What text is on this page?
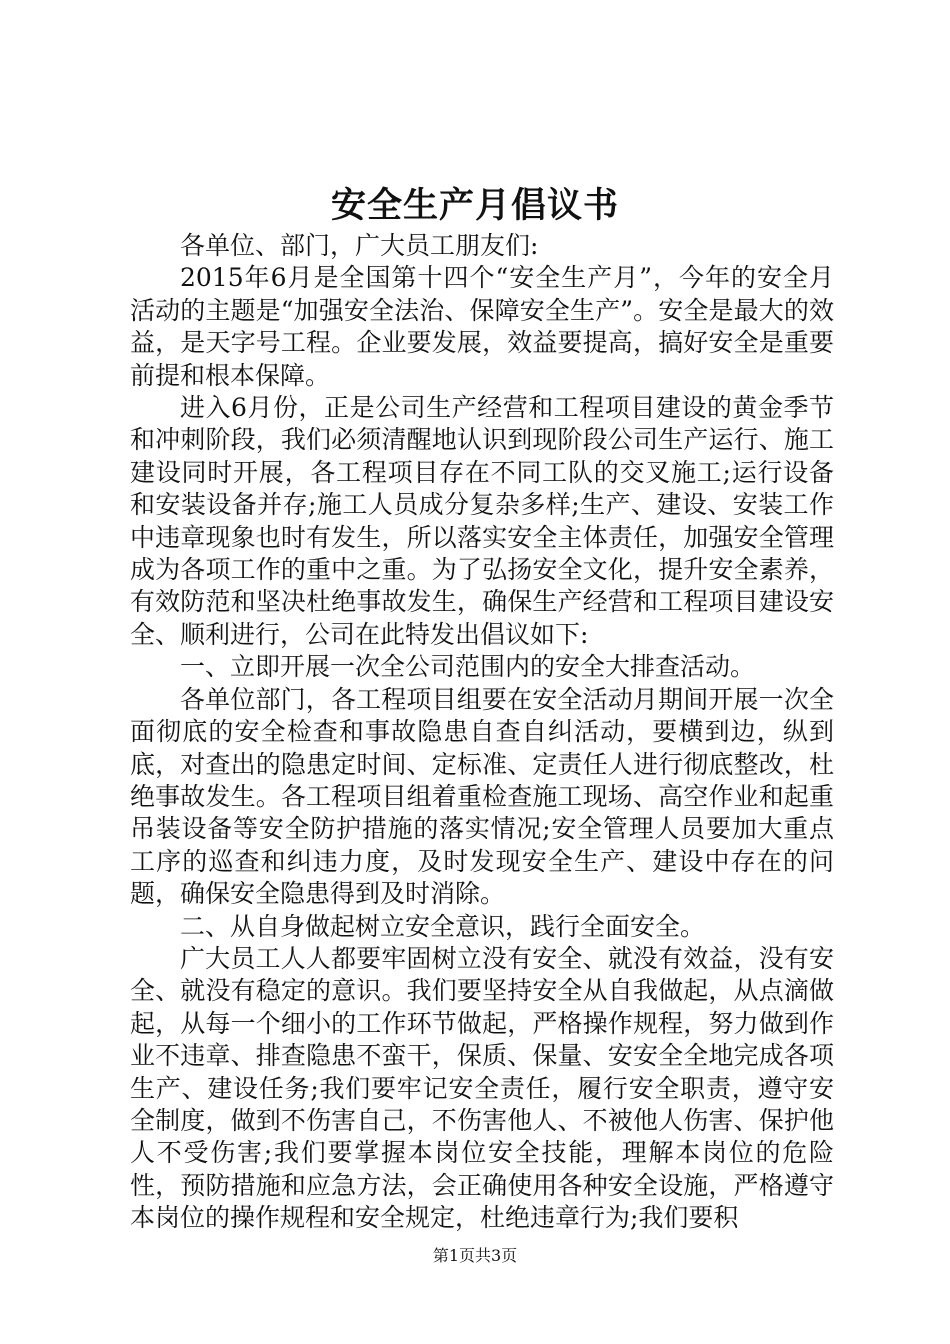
安全生产月倡议书

各单位、部门，广大员工朋友们:

2015年6月是全国第十四个“安全生产月”，今年的安全月活动的主题是“加强安全法治、保障安全生产”。安全是最大的效益，是天字号工程。企业要发展，效益要提高，搞好安全是重要前提和根本保障。

进入6月份，正是公司生产经营和工程项目建设的黄金季节和冲刺阶段，我们必须清醒地认识到现阶段公司生产运行、施工建设同时开展，各工程项目存在不同工队的交叉施工;运行设备和安装设备并存;施工人员成分复杂多样;生产、建设、安装工作中违章现象也时有发生，所以落实安全主体责任，加强安全管理成为各项工作的重中之重。为了弘扬安全文化，提升安全素养，有效防范和坚决杜绝事故发生，确保生产经营和工程项目建设安全、顺利进行，公司在此特发出倡议如下:

一、立即开展一次全公司范围内的安全大排查活动。

各单位部门，各工程项目组要在安全活动月期间开展一次全面彻底的安全检查和事故隐患自查自纠活动，要横到边，纵到底，对查出的隐患定时间、定标准、定责任人进行彻底整改，杜绝事故发生。各工程项目组着重检查施工现场、高空作业和起重吊装设备等安全防护措施的落实情况;安全管理人员要加大重点工序的巡查和纠违力度，及时发现安全生产、建设中存在的问题，确保安全隐患得到及时消除。

二、从自身做起树立安全意识，践行全面安全。

广大员工人人都要牢固树立没有安全、就没有效益，没有安全、就没有稳定的意识。我们要坚持安全从自我做起，从点滴做起，从每一个细小的工作环节做起，严格操作规程，努力做到作业不违章、排查隐患不蛮干，保质、保量、安安全全地完成各项生产、建设任务;我们要牢记安全责任，履行安全职责，遵守安全制度，做到不伤害自己，不伤害他人、不被他人伤害、保护他人不受伤害;我们要掌握本岗位安全技能，理解本岗位的危险性，预防措施和应急方法，会正确使用各种安全设施，严格遵守本岗位的操作规程和安全规定，杜绝违章行为;我们要积

第1页共3页
